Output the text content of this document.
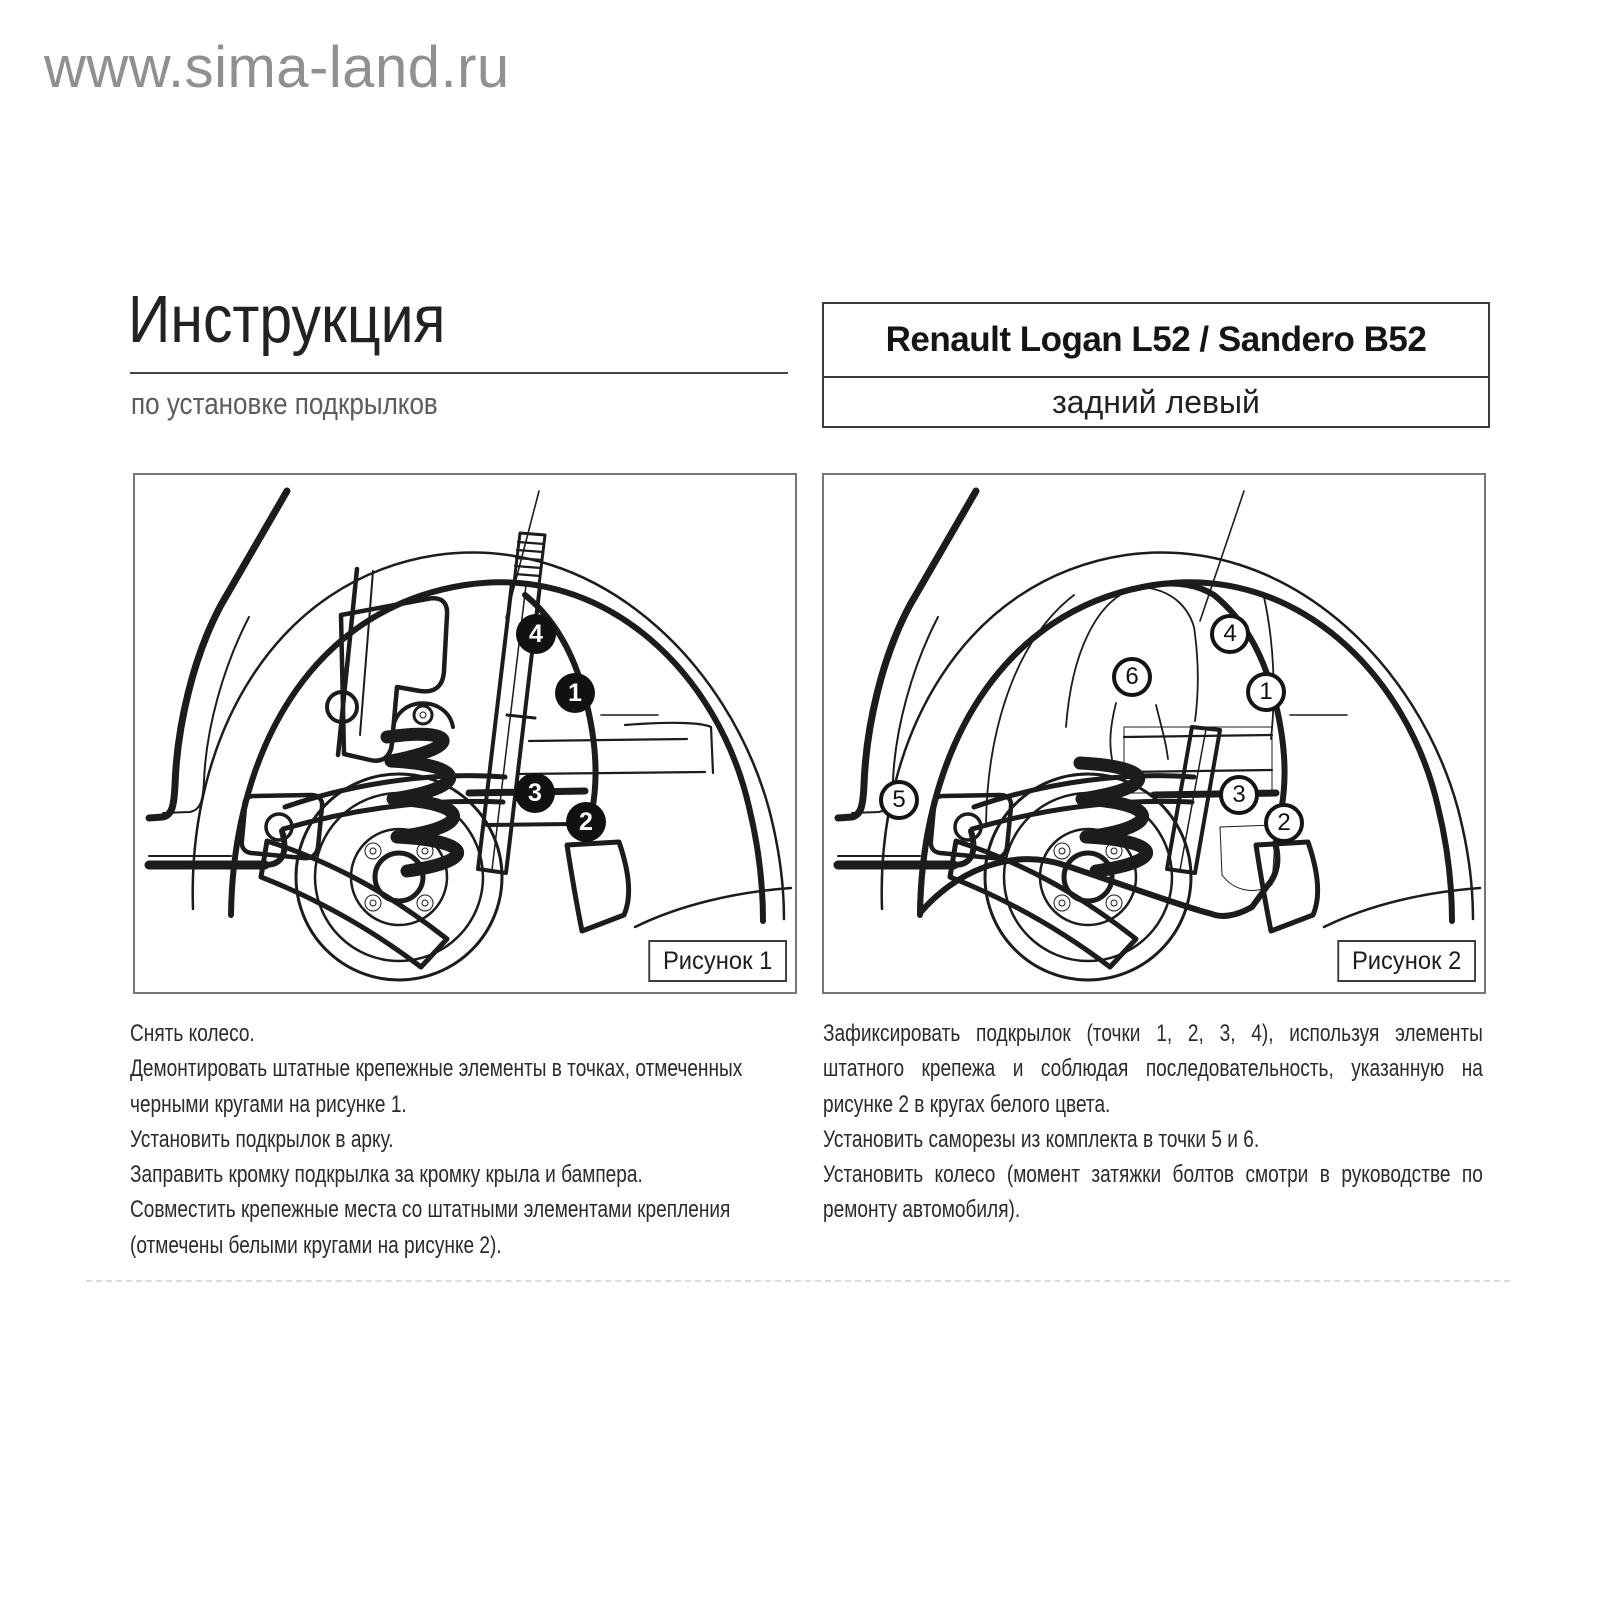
www.sima-land.ru
Инструкция
по установке подкрылков
Renault Logan L52 / Sandero B52
задний левый
Рисунок 1
4
1
3
2
Рисунок 2
4
1
6
5	3
2

Снять колесо.

Демонтировать штатные крепежные элементы в точках, отмеченных черными кругами на рисунке 1.

Установить подкрылок в арку.

Заправить кромку подкрылка за кромку крыла и бампера.

Совместить крепежные места со штатными элементами крепления (отмечены белыми кругами на рисунке 2).

Зафиксировать подкрылок (точки 1, 2, 3, 4), используя элементы штатного крепежа и соблюдая последовательность, указанную на рисунке 2 в кругах белого цвета.

Установить саморезы из комплекта в точки 5 и 6.

Установить колесо (момент затяжки болтов смотри в руководстве по ремонту автомобиля).
